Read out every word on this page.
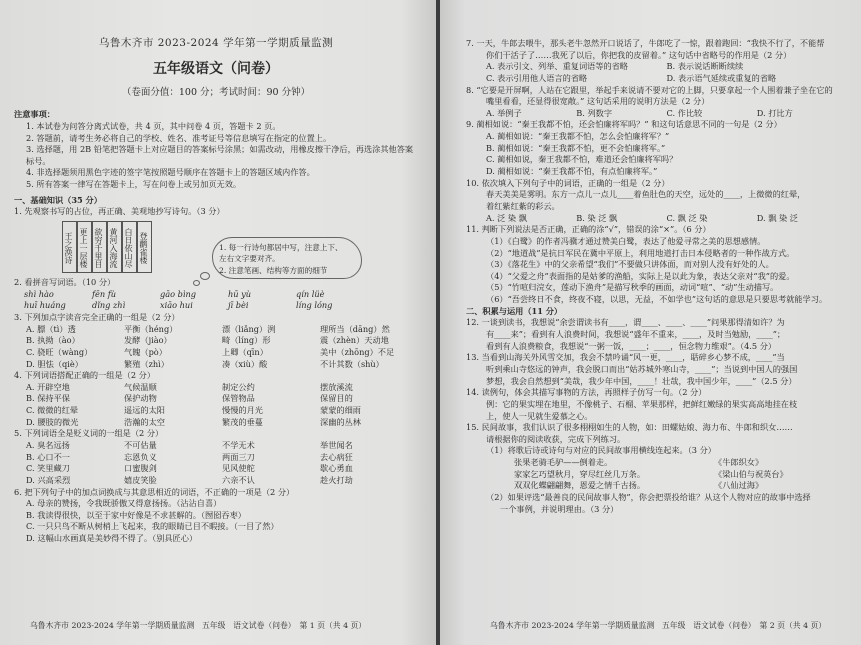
乌鲁木齐市 2023-2024 学年第一学期质量监测
五年级语文（问卷）
（卷面分值：100 分；考试时间：90 分钟）
注意事项：
1. 本试卷为问答分离式试卷，共 4 页，其中问卷 4 页，答题卡 2 页。
2. 答题前，请考生务必将自己的学校、姓名、准考证号等信息填写在指定的位置上。
3. 选择题，用 2B 铅笔把答题卡上对应题目的答案标号涂黑；如需改动，用橡皮擦干净后，再选涂其他答案标号。
4. 非选择题须用黑色字迹的签字笔按照题号顺序在答题卡上的答题区域内作答。
5. 所有答案一律写在答题卡上，写在问卷上或另加页无效。
一、基础知识（35 分）
1. 先观察书写的占位，再正确、美观地抄写诗句。（3 分）
王之涣诗 更上一层楼 欲穷千里目 黄河入海流 白日依山尽 登鹳雀楼	1. 每一行诗句都居中写，注意上下、
左右文字要对齐。
2. 注意笔画、结构等方面的细节
2. 看拼音写词语。（10 分）
shì hào	fēn fù	gāo bìng	hū yù	qín lüè
huī huáng	dǐng zhì	xiāo hui	jī bèi	líng lóng
3. 下列加点字读音完全正确的一组是（2 分）
A. 膘（tì）透	平衡（héng）	漂（liǎng）洌	理所当（dāng）然
B. 执拗（ào）	发酵（jiào）	畸（líng）形	震（zhèn）天动地
C. 骁旺（wàng）	气魄（pò）	上卿（qīn）	美中（zhōng）不足
D. 胆怯（qiè）	繁殖（zhì）	凑（xiù）酸	不计其数（shù）
4. 下列词语搭配正确的一组是（2 分）
A. 开辟空地	气候温顺	制定公约	摆放溪流
B. 保持平保	保护动物	保管物品	保留目的
C. 微微的红晕	遥远的太阳	慢慢的月光	蒙蒙的细雨
D. 腰肢的微光	浩瀚的太空	繁茂的垂蔓	深幽的丛林
5. 下列词语全是贬义词的一组是（2 分）
A. 臭名远扬	不可估量	不学无术	举世闻名
B. 心口不一	忘恩负义	两面三刀	去心病狂
C. 笑里藏刀	口蜜腹剑	见风使舵	歇心勇血
D. 兴高采烈	嬉皮笑脸	六亲不认	趁火打劫
6. 把下列句子中的加点词换成与其意思相近的词语，不正确的一项是（2 分）
A. 母亲的赞扬，令我既骄傲又得意扬扬。（沾沾自喜）
B. 我读得很快，以至于家中好像是不求甚解的。（囫囵吞枣）
C. 一只只鸟不断从树梢上飞起来，我的眼睛已目不暇接。（一目了然）
D. 这幅山水画真是美妙得不得了。（别具匠心）
乌鲁木齐市 2023-2024 学年第一学期质量监测　五年级　语文试卷（问卷）　第 1 页（共 4 页）
7. 一天，牛郎去喂牛，那头老牛忽然开口说话了，牛郎吃了一惊，跟着跑回：“我快不行了，不能帮
你们干活子了……我死了以后，你把我的皮留着。” 这句话中省略号的作用是（2 分）
A. 表示引文、列举、重复词语等的省略	B. 表示说话断断续续
C. 表示引用他人语言的省略	D. 表示语气延续或重复的省略
8. “它要是开屏啊，人站在它跟里，举起手来说请不要对它的上脚，只要拿起一个人围着兼子坐在它的
嘴里看看，还显得很宽敞。” 这句话采用的说明方法是（2 分）
A. 举例子	B. 列数字	C. 作比较	D. 打比方
9. 蔺相如说：“秦王我都不怕，还会怕廉将军吗？” 和这句话意思不同的一句是（2 分）
A. 蔺相如说：“秦王我都不怕，怎么会怕廉将军？”
B. 蔺相如说：“秦王我都不怕，更不会怕廉将军。”
C. 蔺相如说，秦王我都不怕，难道还会怕廉将军吗？
D. 蔺相如说：“秦王我都不怕，有点怕廉将军。”
10. 依次填入下列句子中的词语，正确的一组是（2 分）
春天美美是雾明。东方一点儿一点儿____着鱼肚色的天空，远处的____，上微微的红晕，
着红紫红紫的彩云。
A. 泛 染 飘	B. 染 泛 飘	C. 飘 泛 染	D. 飘 染 泛
11. 判断下列说法是否正确，正确的涂“√”，错误的涂“×”。（6 分）
（1）《白鹭》的作者冯骥才通过赞美白鹭，表达了他爱寻常之美的思想感情。
（2）“地道战”是抗日军民在冀中平原上，利用地道打击日本侵略者的一种作战方式。
（3）《落花生》中的父亲希望“我们”不要做只讲体面，而对别人没有好处的人。
（4）“父爱之舟”表面指的是姑爹的渔船，实际上是以此为象，表达父亲对“我”的爱。
（5）“竹喧归浣女，莲动下渔舟”是描写秋季的画面，动词“喧”、“动”生动描写。
（6）“吾尝终日不食，终夜不寝，以思，无益，不如学也”这句话的意思是只要思考就能学习。
二、积累与运用（11 分）
12. 一谈到读书，我想说“余尝谓读书有____，谓____、____、____”问果那得清如许？为
有____来”；看到有人浪费时间，我想说“盛年不重来，____，及时当勉励，____”；
看到有人浪费粮食，我想说“一粥一饭，____；____，恒念物力维艰”。（4.5 分）
13. 当看到山海关外风雪交加，我会不禁吟诵“风一更，____，聒碎乡心梦不成，____”当
听到乘山寺悠远的钟声，我会脱口而出“姑苏城外寒山寺，____”；当说到中国人的强国
梦想，我会自然想到“美哉，我少年中国，____！壮哉，我中国少年，____”（2.5 分）
14. 读例句，体会其描写事物的方法，再照样子仿写一句。（2 分）
例：它的果实埋在地里，不像桃子、石榴、苹果那样，把鲜红嫩绿的果实高高地挂在枝
上，使人一见就生爱慕之心。
15. 民间故事，我们认识了很多栩栩如生的人物，如：田螺姑娘、海力布、牛郎和织女……
请根据你的阅读收获，完成下列练习。
（1）将歌后诗或诗句与对应的民间故事用横线连起来。（3 分）
张果老骑毛驴——倒着走。	《牛郎织女》
家家乞巧望秋月，穿尽红丝几万条。	《梁山伯与祝英台》
双双化蝶翩翩舞，恩爱之情千古扬。	《八仙过海》
（2）如果评选“最善良的民间故事人物”，你会把票投给谁？从这个人物对应的故事中选择
一个事例，并说明理由。（3 分）
乌鲁木齐市 2023-2024 学年第一学期质量监测　五年级　语文试卷（问卷）　第 2 页（共 4 页）
